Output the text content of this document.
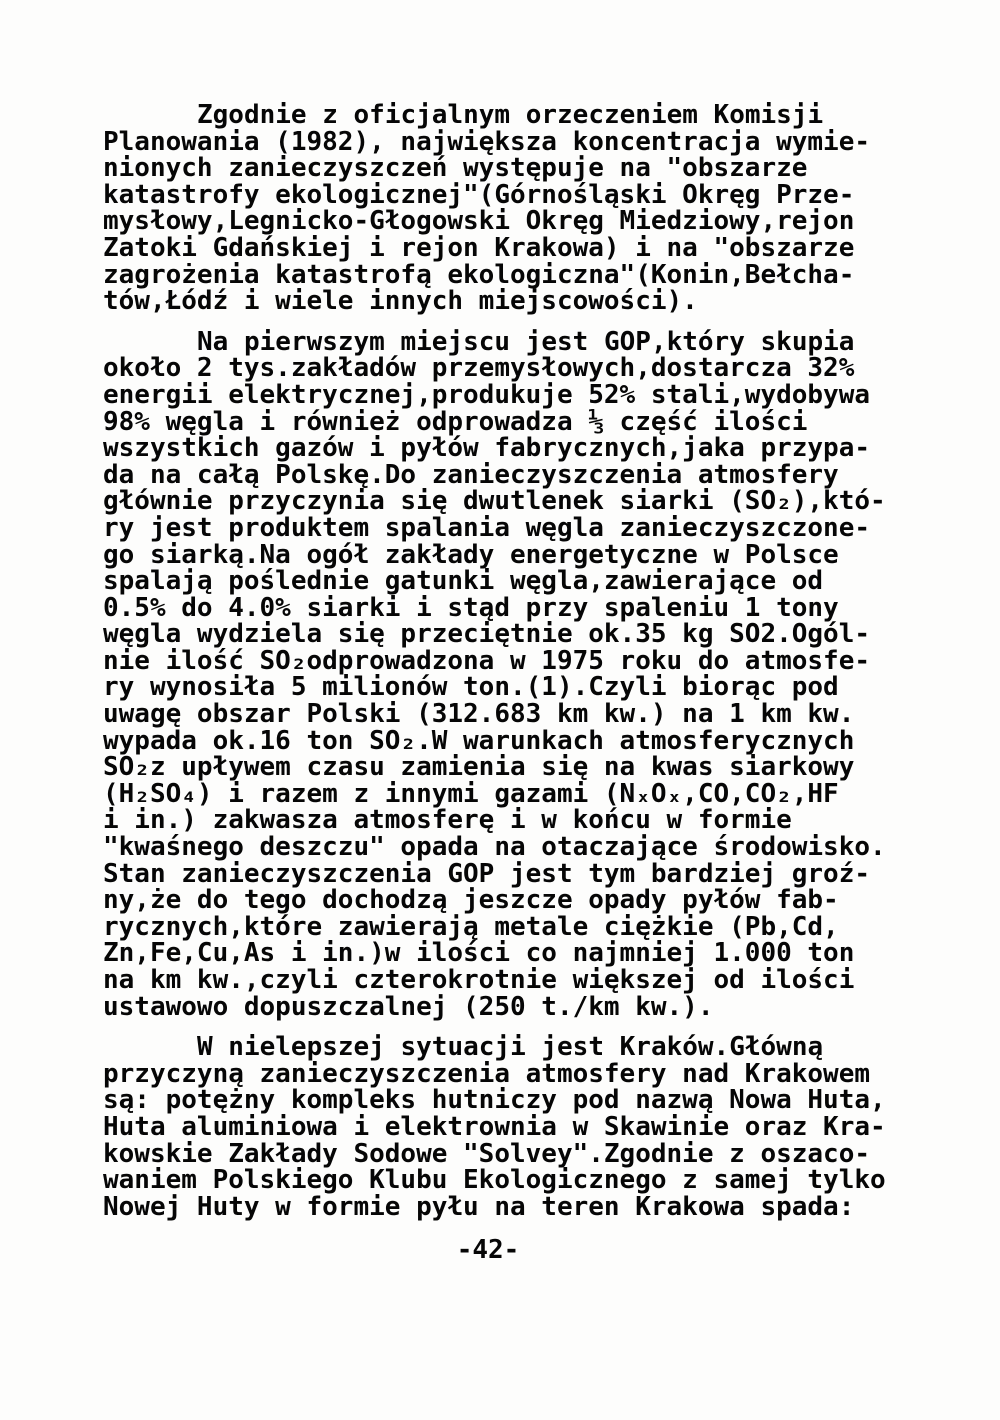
Zgodnie z oficjalnym orzeczeniem Komisji
Planowania (1982), największa koncentracja wymie-
nionych zanieczyszczeń występuje na "obszarze
katastrofy ekologicznej"(Górnośląski Okręg Prze-
mysłowy,Legnicko-Głogowski Okręg Miedziowy,rejon
Zatoki Gdańskiej i rejon Krakowa) i na "obszarze
zagrożenia katastrofą ekologiczna"(Konin,Bełcha-
tów,Łódź i wiele innych miejscowości).
Na pierwszym miejscu jest GOP,który skupia
około 2 tys.zakładów przemysłowych,dostarcza 32%
energii elektrycznej,produkuje 52% stali,wydobywa
98% węgla i również odprowadza ⅓ część ilości
wszystkich gazów i pyłów fabrycznych,jaka przypa-
da na całą Polskę.Do zanieczyszczenia atmosfery
głównie przyczynia się dwutlenek siarki (SO₂),któ-
ry jest produktem spalania węgla zanieczyszczone-
go siarką.Na ogół zakłady energetyczne w Polsce
spalają poślednie gatunki węgla,zawierające od
0.5% do 4.0% siarki i stąd przy spaleniu 1 tony
węgla wydziela się przeciętnie ok.35 kg SO2.Ogól-
nie ilość SO₂odprowadzona w 1975 roku do atmosfe-
ry wynosiła 5 milionów ton.(1).Czyli biorąc pod
uwagę obszar Polski (312.683 km kw.) na 1 km kw.
wypada ok.16 ton SO₂.W warunkach atmosferycznych
SO₂z upływem czasu zamienia się na kwas siarkowy
(H₂SO₄) i razem z innymi gazami (NₓOₓ,CO,CO₂,HF
i in.) zakwasza atmosferę i w końcu w formie
"kwaśnego deszczu" opada na otaczające środowisko.
Stan zanieczyszczenia GOP jest tym bardziej groź-
ny,że do tego dochodzą jeszcze opady pyłów fab-
rycznych,które zawierają metale ciężkie (Pb,Cd,
Zn,Fe,Cu,As i in.)w ilości co najmniej 1.000 ton
na km kw.,czyli czterokrotnie większej od ilości
ustawowo dopuszczalnej (250 t./km kw.).
W nielepszej sytuacji jest Kraków.Główną
przyczyną zanieczyszczenia atmosfery nad Krakowem
są: potężny kompleks hutniczy pod nazwą Nowa Huta,
Huta aluminiowa i elektrownia w Skawinie oraz Kra-
kowskie Zakłady Sodowe "Solvey".Zgodnie z oszaco-
waniem Polskiego Klubu Ekologicznego z samej tylko
Nowej Huty w formie pyłu na teren Krakowa spada:
-42-
